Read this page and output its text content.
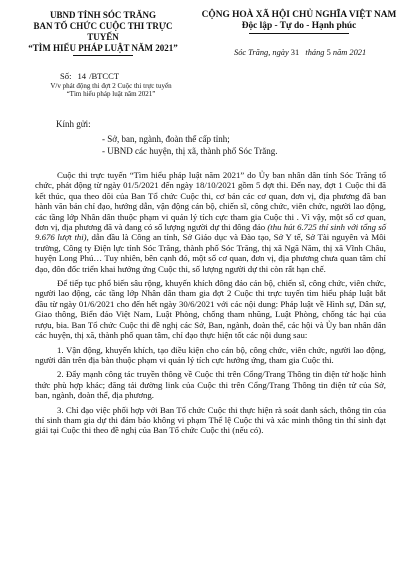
UBND TỈNH SÓC TRĂNG
BAN TỔ CHỨC CUỘC THI TRỰC TUYẾN
“TÌM HIỂU PHÁP LUẬT NĂM 2021”
CỘNG HOÀ XÃ HỘI CHỦ NGHĨA VIỆT NAM
Độc lập - Tự do - Hạnh phúc
Sóc Trăng, ngày 31 tháng 5 năm 2021
Số: 14 /BTCCT
V/v phát động thi đợt 2 Cuộc thi trực tuyến
“Tìm hiểu pháp luật năm 2021”
Kính gửi:
- Sở, ban, ngành, đoàn thể cấp tỉnh;
- UBND các huyện, thị xã, thành phố Sóc Trăng.

Cuộc thi trực tuyến “Tìm hiểu pháp luật năm 2021” do Ủy ban nhân dân tỉnh Sóc Trăng tổ chức, phát động từ ngày 01/5/2021 đến ngày 18/10/2021 gồm 5 đợt thi. Đến nay, đợt 1 Cuộc thi đã kết thúc, qua theo dõi của Ban Tổ chức Cuộc thi, cơ bản các cơ quan, đơn vị, địa phương đã ban hành văn bản chỉ đạo, hướng dẫn, vận động cán bộ, chiến sĩ, công chức, viên chức, người lao động, các tầng lớp Nhân dân thuộc phạm vi quản lý tích cực tham gia Cuộc thi . Vì vậy, một số cơ quan, đơn vị, địa phương đã và đang có số lượng người dự thi đông đảo (thu hút 6.725 thí sinh với tổng số 9.676 lượt thi), dẫn đầu là Công an tỉnh, Sở Giáo dục và Đào tạo, Sở Y tế, Sở Tài nguyên và Môi trường, Công ty Điện lực tỉnh Sóc Trăng, thành phố Sóc Trăng, thị xã Ngã Năm, thị xã Vĩnh Châu, huyện Long Phú… Tuy nhiên, bên cạnh đó, một số cơ quan, đơn vị, địa phương chưa quan tâm chỉ đạo, đôn đốc triển khai hưởng ứng Cuộc thi, số lượng người dự thi còn rất hạn chế.

Để tiếp tục phổ biến sâu rộng, khuyến khích đông đảo cán bộ, chiến sĩ, công chức, viên chức, người lao động, các tầng lớp Nhân dân tham gia đợt 2 Cuộc thi trực tuyến tìm hiểu pháp luật bắt đầu từ ngày 01/6/2021 cho đến hết ngày 30/6/2021 với các nội dung: Pháp luật về Hình sự, Dân sự, Giao thông, Biển đảo Việt Nam, Luật Phòng, chống tham nhũng, Luật Phòng, chống tác hại của rượu, bia. Ban Tổ chức Cuộc thi đề nghị các Sở, Ban, ngành, đoàn thể, các hội và Ủy ban nhân dân các huyện, thị xã, thành phố quan tâm, chỉ đạo thực hiện tốt các nội dung sau:

1. Vận động, khuyến khích, tạo điều kiện cho cán bộ, công chức, viên chức, người lao động, người dân trên địa bàn thuộc phạm vi quản lý tích cực hưởng ứng, tham gia Cuộc thi.

2. Đẩy mạnh công tác truyền thông về Cuộc thi trên Cổng/Trang Thông tin điện tử hoặc hình thức phù hợp khác; đăng tải đường link của Cuộc thi trên Cổng/Trang Thông tin điện tử của Sở, ban, ngành, đoàn thể, địa phương.

3. Chỉ đạo việc phối hợp với Ban Tổ chức Cuộc thi thực hiện rà soát danh sách, thông tin của thí sinh tham gia dự thi đảm bảo không vi phạm Thể lệ Cuộc thi và xác minh thông tin thí sinh đạt giải tại Cuộc thi theo đề nghị của Ban Tổ chức Cuộc thi (nếu có).
